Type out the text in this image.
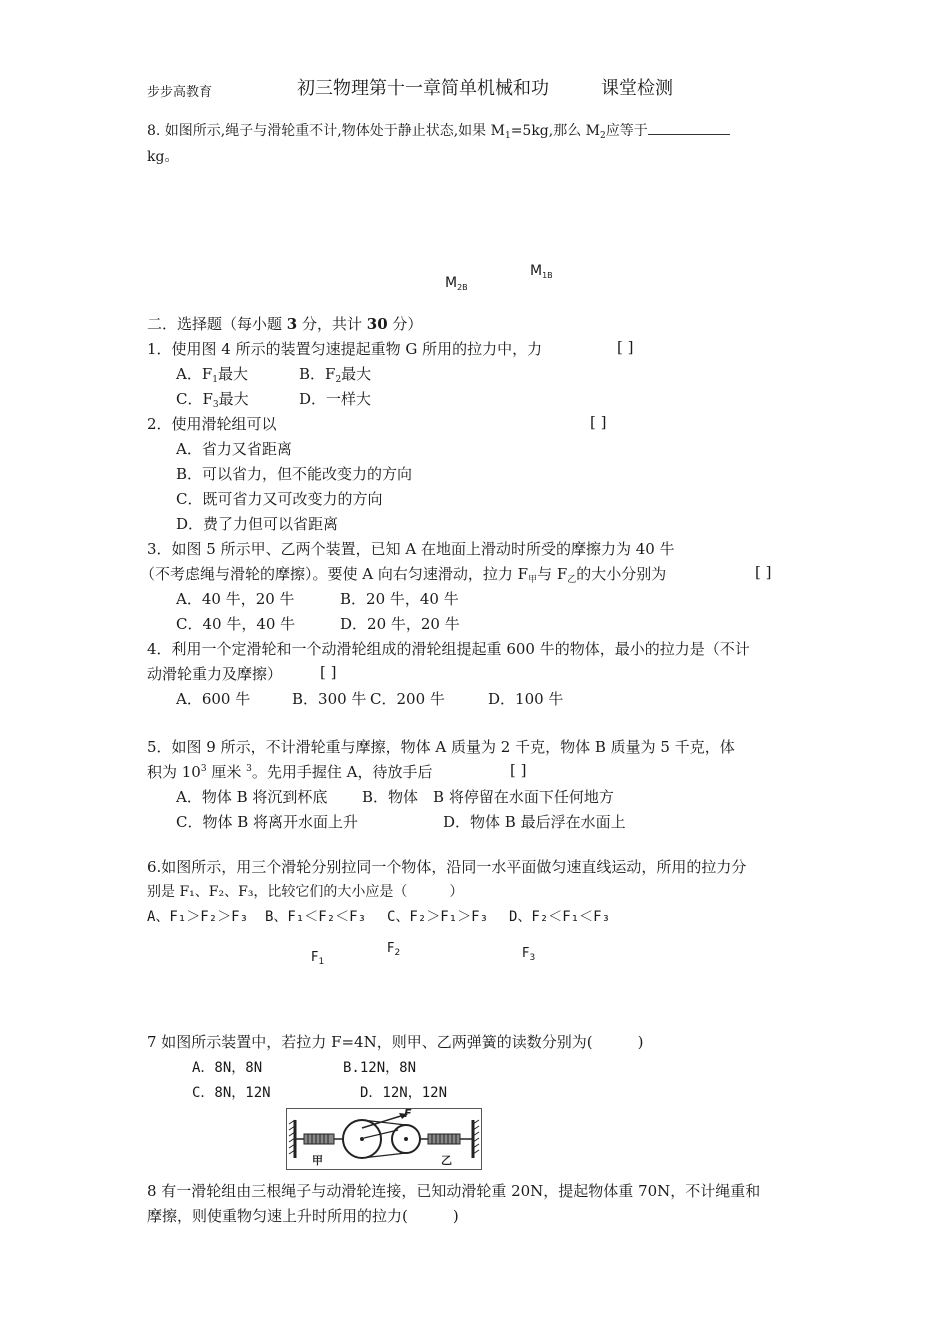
步步高教育	初三物理第十一章简单机械和功	课堂检测
8. 如图所示,绳子与滑轮重不计,物体处于静止状态,如果 $M_1=5kg$,那么 $M_2$应等于
kg。
$M_{2B}$
$M_{1B}$
二．选择题（每小题 3 分，共计 30 分）
1．使用图 4 所示的装置匀速提起重物 G 所用的拉力中，力	[ ]
A．$F_1$最大	B．$F_2$最大
C．$F_3$最大	D．一样大
2．使用滑轮组可以	[ ]
A．省力又省距离
B．可以省力，但不能改变力的方向
C．既可省力又可改变力的方向
D．费了力但可以省距离
3．如图 5 所示甲、乙两个装置，已知 A 在地面上滑动时所受的摩擦力为 40 牛
（不考虑绳与滑轮的摩擦）。要使 A 向右匀速滑动，拉力 $F_甲$与 $F_乙$的大小分别为	[ ]
A．40 牛，20 牛	B．20 牛，40 牛
C．40 牛，40 牛	D．20 牛，20 牛
4．利用一个定滑轮和一个动滑轮组成的滑轮组提起重 600 牛的物体，最小的拉力是（不计
动滑轮重力及摩擦）	[ ]
A．600 牛	B．300 牛 C．200 牛	D．100 牛
5．如图 9 所示，不计滑轮重与摩擦，物体 A 质量为 2 千克，物体 B 质量为 5 千克，体
积为 $10^3$ 厘米 $^3$。先用手握住 A，待放手后	[ ]
A．物体 B 将沉到杯底 B．物体　B 将停留在水面下任何地方
C．物体 B 将离开水面上升	D．物体 B 最后浮在水面上
6.如图所示，用三个滑轮分别拉同一个物体，沿同一水平面做匀速直线运动，所用的拉力分
别是 F₁、F₂、F₃，比较它们的大小应是（　　　）
A、F₁＞F₂＞F₃ B、F₁＜F₂＜F₃ C、F₂＞F₁＞F₃ D、F₂＜F₁＜F₃
$F_1$
$F_2$	$F_3$
7 如图所示装置中，若拉力 F=4N，则甲、乙两弹簧的读数分别为(　　　)
A．8N，8N	B.12N，8N
C．8N，12N	D．12N，12N
F
甲	乙
8 有一滑轮组由三根绳子与动滑轮连接，已知动滑轮重 20N，提起物体重 70N，不计绳重和
摩擦，则使重物匀速上升时所用的拉力(　　　)
